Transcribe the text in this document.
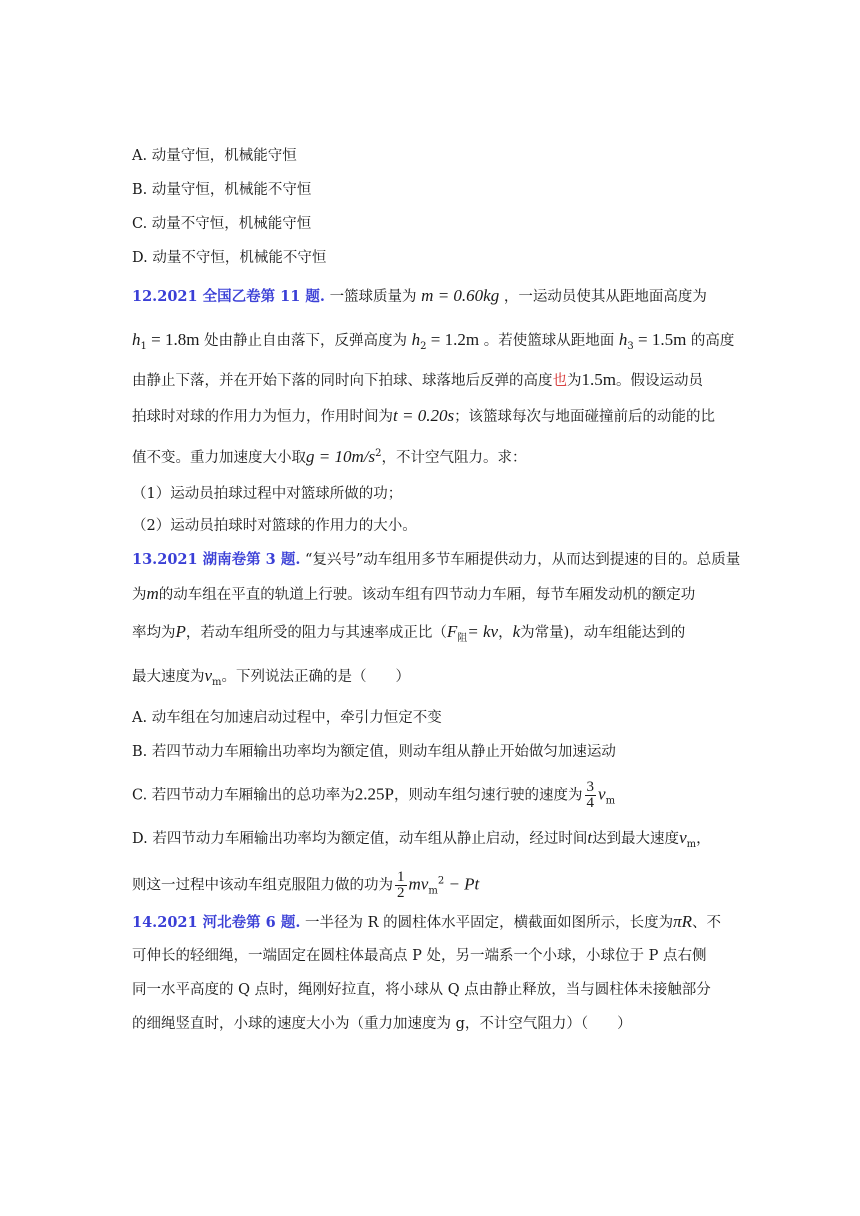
A. 动量守恒，机械能守恒
B. 动量守恒，机械能不守恒
C. 动量不守恒，机械能守恒
D. 动量不守恒，机械能不守恒
12.2021 全国乙卷第 11 题. 一篮球质量为 m = 0.60kg ，一运动员使其从距地面高度为
$h_1 = 1.8m$ 处由静止自由落下，反弹高度为 $h_2 = 1.2m$ 。若使篮球从距地面 $h_3 = 1.5m$ 的高度
由静止下落，并在开始下落的同时向下拍球、球落地后反弹的高度也为1.5m。假设运动员
拍球时对球的作用力为恒力，作用时间为t = 0.20s；该篮球每次与地面碰撞前后的动能的比
值不变。重力加速度大小取$g = 10m/s^2$，不计空气阻力。求：
（1）运动员拍球过程中对篮球所做的功；
（2）运动员拍球时对篮球的作用力的大小。
13.2021 湖南卷第 3 题. “复兴号”动车组用多节车厢提供动力，从而达到提速的目的。总质量
为m的动车组在平直的轨道上行驶。该动车组有四节动力车厢，每节车厢发动机的额定功
率均为P，若动车组所受的阻力与其速率成正比（$F_阻=$ kv，k为常量)，动车组能达到的
最大速度为$v_m$。下列说法正确的是（　　）
A. 动车组在匀加速启动过程中，牵引力恒定不变
B. 若四节动力车厢输出功率均为额定值，则动车组从静止开始做匀加速运动
C. 若四节动力车厢输出的总功率为2.25P，则动车组匀速行驶的速度为 $\frac{3}{4} v_m$
D. 若四节动力车厢输出功率均为额定值，动车组从静止启动，经过时间t达到最大速度$v_m$，
则这一过程中该动车组克服阻力做的功为 $\frac{1}{2} mv_m^2 - Pt$
14.2021 河北卷第 6 题. 一半径为 R 的圆柱体水平固定，横截面如图所示，长度为πR、不
可伸长的轻细绳，一端固定在圆柱体最高点 P 处，另一端系一个小球，小球位于 P 点右侧
同一水平高度的 Q 点时，绳刚好拉直，将小球从 Q 点由静止释放，当与圆柱体未接触部分
的细绳竖直时，小球的速度大小为（重力加速度为 g，不计空气阻力）（　　）
